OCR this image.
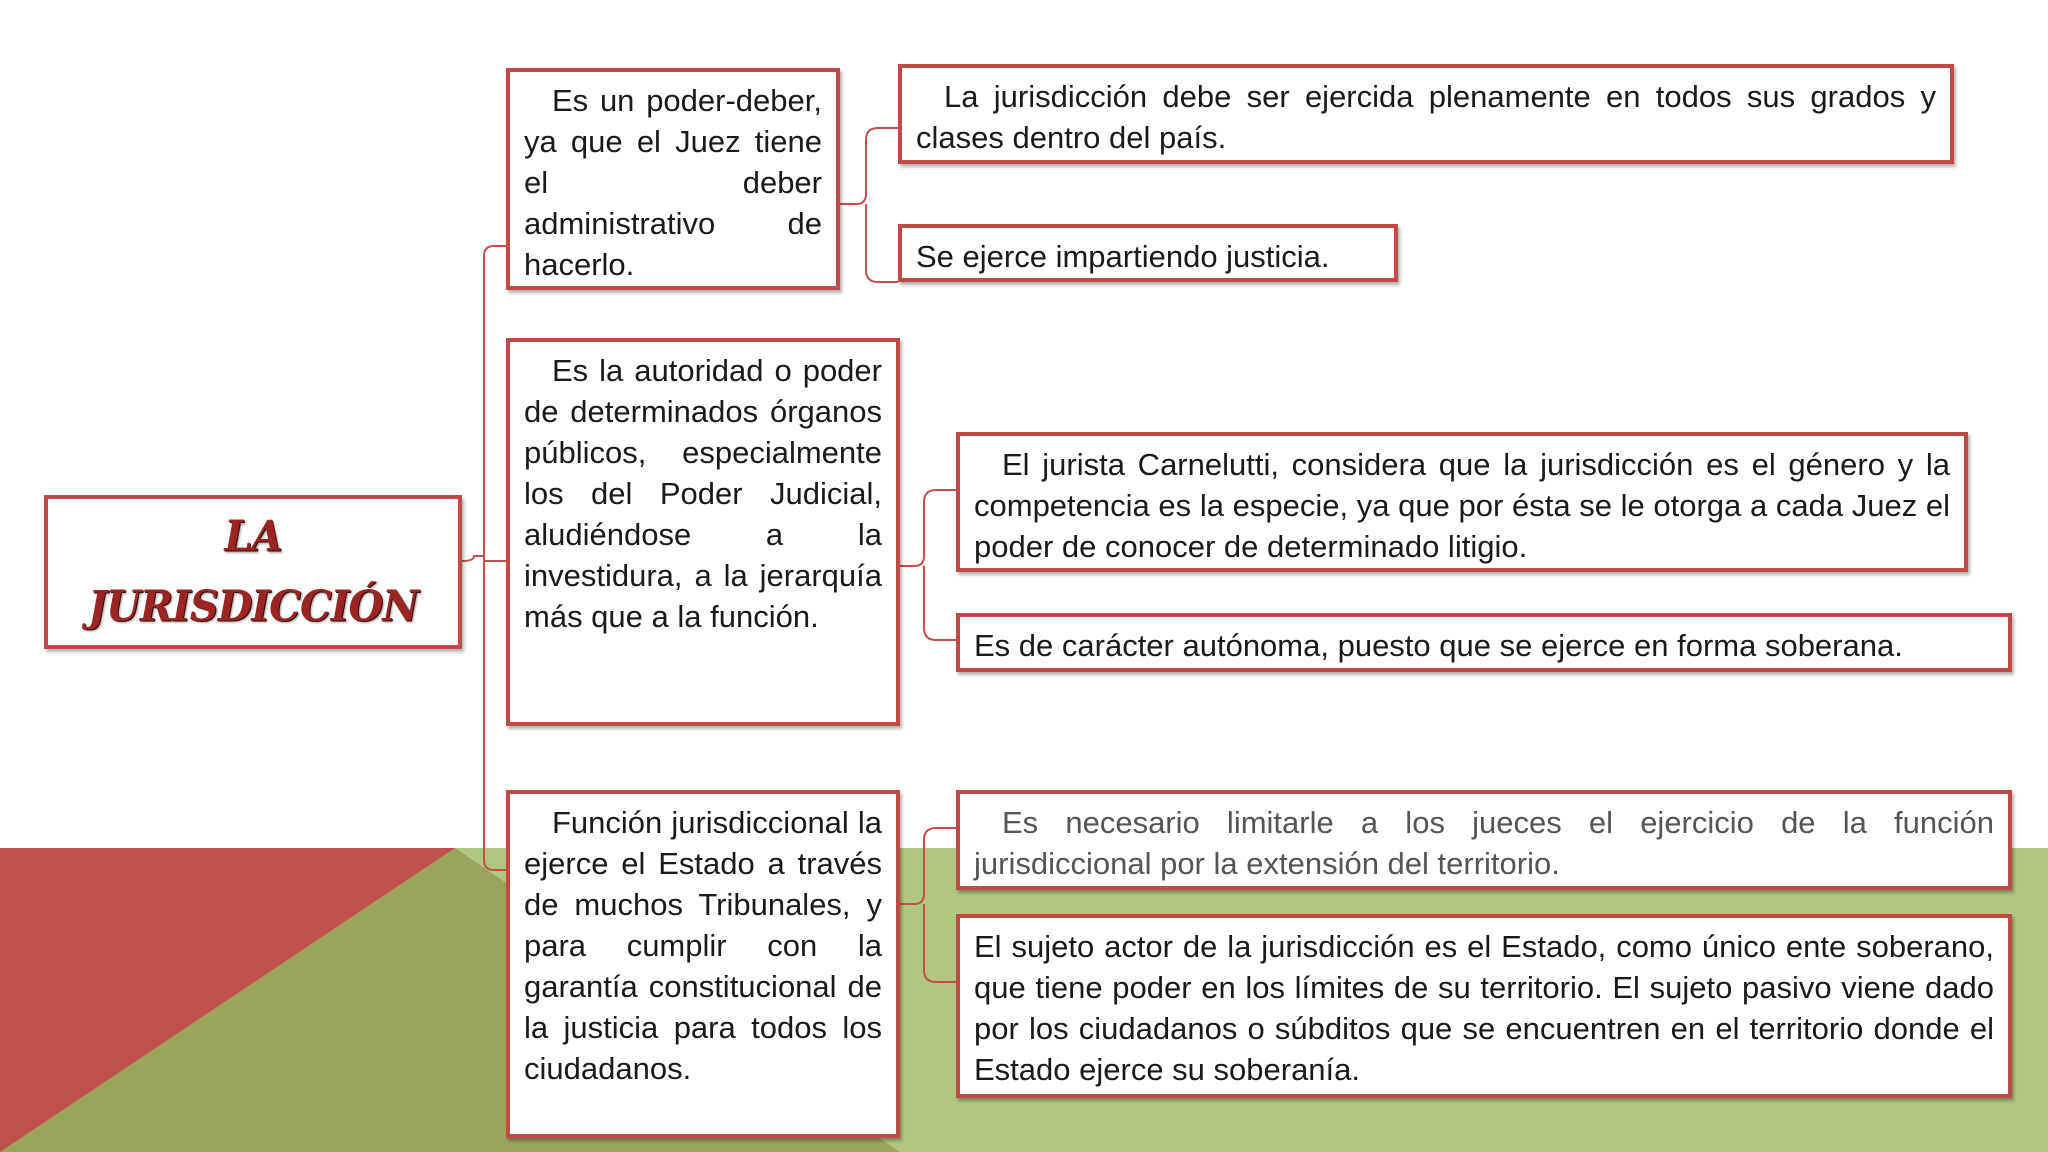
LA
JURISDICCIÓN

Es un poder-deber, ya que el Juez tiene el deber administrativo de hacerlo.

La jurisdicción debe ser ejercida plenamente en todos sus grados y clases dentro del país.

Se ejerce impartiendo justicia.

Es la autoridad o poder de determinados órganos públicos, especialmente los del Poder Judicial, aludiéndose a la investidura, a la jerarquía más que a la función.

El jurista Carnelutti, considera que la jurisdicción es el género y la competencia es la especie, ya que por ésta se le otorga a cada Juez el poder de conocer de determinado litigio.

Es de carácter autónoma, puesto que se ejerce en forma soberana.

Función jurisdiccional la ejerce el Estado a través de muchos Tribunales, y para cumplir con la garantía constitucional de la justicia para todos los ciudadanos.

Es necesario limitarle a los jueces el ejercicio de la función jurisdiccional por la extensión del territorio.

El sujeto actor de la jurisdicción es el Estado, como único ente soberano, que tiene poder en los límites de su territorio. El sujeto pasivo viene dado por los ciudadanos o súbditos que se encuentren en el territorio donde el Estado ejerce su soberanía.
